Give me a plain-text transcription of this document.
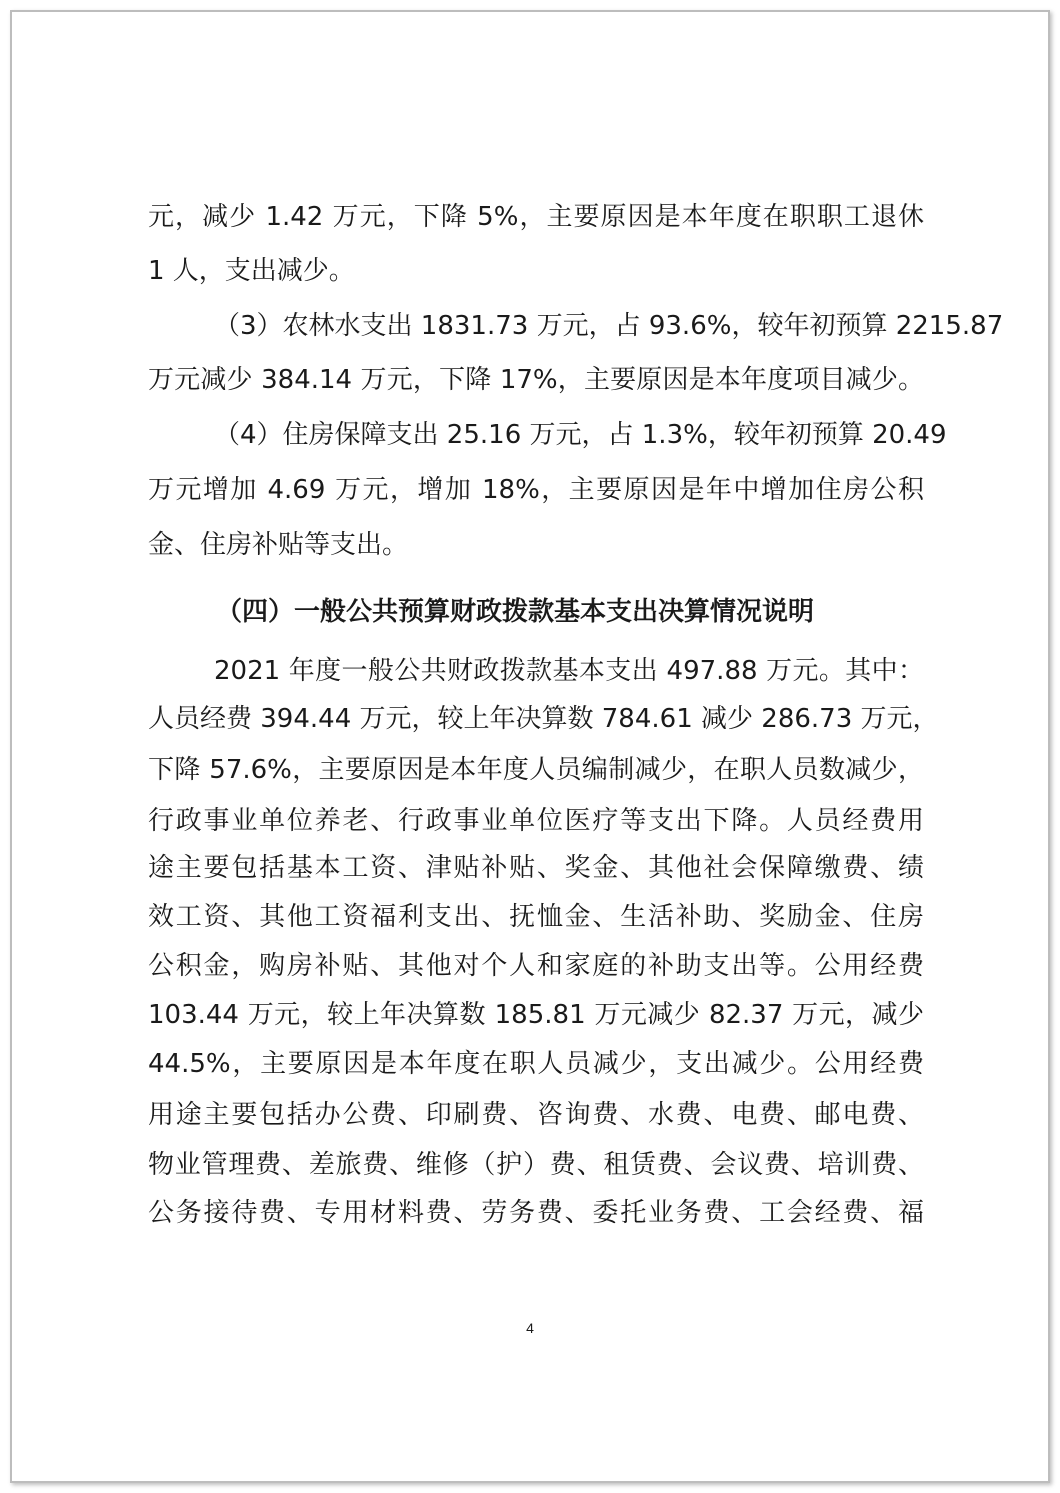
元，减少 1.42 万元，下降 5%，主要原因是本年度在职职工退休
1 人，支出减少。
（3）农林水支出 1831.73 万元，占 93.6%，较年初预算 2215.87
万元减少 384.14 万元，下降 17%，主要原因是本年度项目减少。
（4）住房保障支出 25.16 万元，占 1.3%，较年初预算 20.49
万元增加 4.69 万元，增加 18%，主要原因是年中增加住房公积
金、住房补贴等支出。
（四）一般公共预算财政拨款基本支出决算情况说明
2021 年度一般公共财政拨款基本支出 497.88 万元。其中：
人员经费 394.44 万元，较上年决算数 784.61 减少 286.73 万元，
下降 57.6%，主要原因是本年度人员编制减少，在职人员数减少，
行政事业单位养老、行政事业单位医疗等支出下降。人员经费用
途主要包括基本工资、津贴补贴、奖金、其他社会保障缴费、绩
效工资、其他工资福利支出、抚恤金、生活补助、奖励金、住房
公积金，购房补贴、其他对个人和家庭的补助支出等。公用经费
103.44 万元，较上年决算数 185.81 万元减少 82.37 万元，减少
44.5%，主要原因是本年度在职人员减少，支出减少。公用经费
用途主要包括办公费、印刷费、咨询费、水费、电费、邮电费、
物业管理费、差旅费、维修（护）费、租赁费、会议费、培训费、
公务接待费、专用材料费、劳务费、委托业务费、工会经费、福
4
